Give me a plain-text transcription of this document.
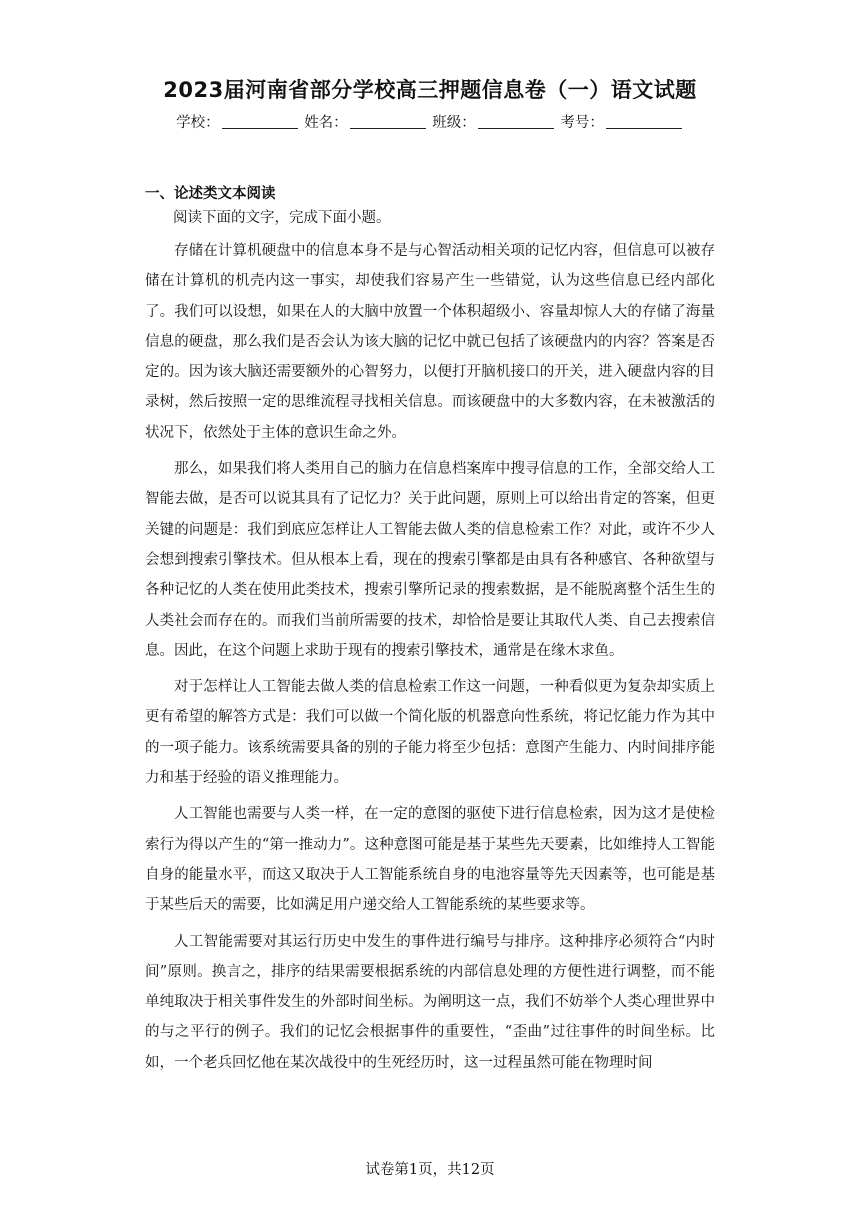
2023届河南省部分学校高三押题信息卷（一）语文试题
学校：	姓名：	班级：	考号：
一、论述类文本阅读
阅读下面的文字，完成下面小题。

存储在计算机硬盘中的信息本身不是与心智活动相关项的记忆内容，但信息可以被存储在计算机的机壳内这一事实，却使我们容易产生一些错觉，认为这些信息已经内部化了。我们可以设想，如果在人的大脑中放置一个体积超级小、容量却惊人大的存储了海量信息的硬盘，那么我们是否会认为该大脑的记忆中就已包括了该硬盘内的内容？答案是否定的。因为该大脑还需要额外的心智努力，以便打开脑机接口的开关，进入硬盘内容的目录树，然后按照一定的思维流程寻找相关信息。而该硬盘中的大多数内容，在未被激活的状况下，依然处于主体的意识生命之外。

那么，如果我们将人类用自己的脑力在信息档案库中搜寻信息的工作，全部交给人工智能去做，是否可以说其具有了记忆力？关于此问题，原则上可以给出肯定的答案，但更关键的问题是：我们到底应怎样让人工智能去做人类的信息检索工作？对此，或许不少人会想到搜索引擎技术。但从根本上看，现在的搜索引擎都是由具有各种感官、各种欲望与各种记忆的人类在使用此类技术，搜索引擎所记录的搜索数据，是不能脱离整个活生生的人类社会而存在的。而我们当前所需要的技术，却恰恰是要让其取代人类、自己去搜索信息。因此，在这个问题上求助于现有的搜索引擎技术，通常是在缘木求鱼。

对于怎样让人工智能去做人类的信息检索工作这一问题，一种看似更为复杂却实质上更有希望的解答方式是：我们可以做一个简化版的机器意向性系统，将记忆能力作为其中的一项子能力。该系统需要具备的别的子能力将至少包括：意图产生能力、内时间排序能力和基于经验的语义推理能力。

人工智能也需要与人类一样，在一定的意图的驱使下进行信息检索，因为这才是使检索行为得以产生的“第一推动力”。这种意图可能是基于某些先天要素，比如维持人工智能自身的能量水平，而这又取决于人工智能系统自身的电池容量等先天因素等，也可能是基于某些后天的需要，比如满足用户递交给人工智能系统的某些要求等。

人工智能需要对其运行历史中发生的事件进行编号与排序。这种排序必须符合“内时间”原则。换言之，排序的结果需要根据系统的内部信息处理的方便性进行调整，而不能单纯取决于相关事件发生的外部时间坐标。为阐明这一点，我们不妨举个人类心理世界中的与之平行的例子。我们的记忆会根据事件的重要性，“歪曲”过往事件的时间坐标。比如，一个老兵回忆他在某次战役中的生死经历时，这一过程虽然可能在物理时间

试卷第1页，共12页
